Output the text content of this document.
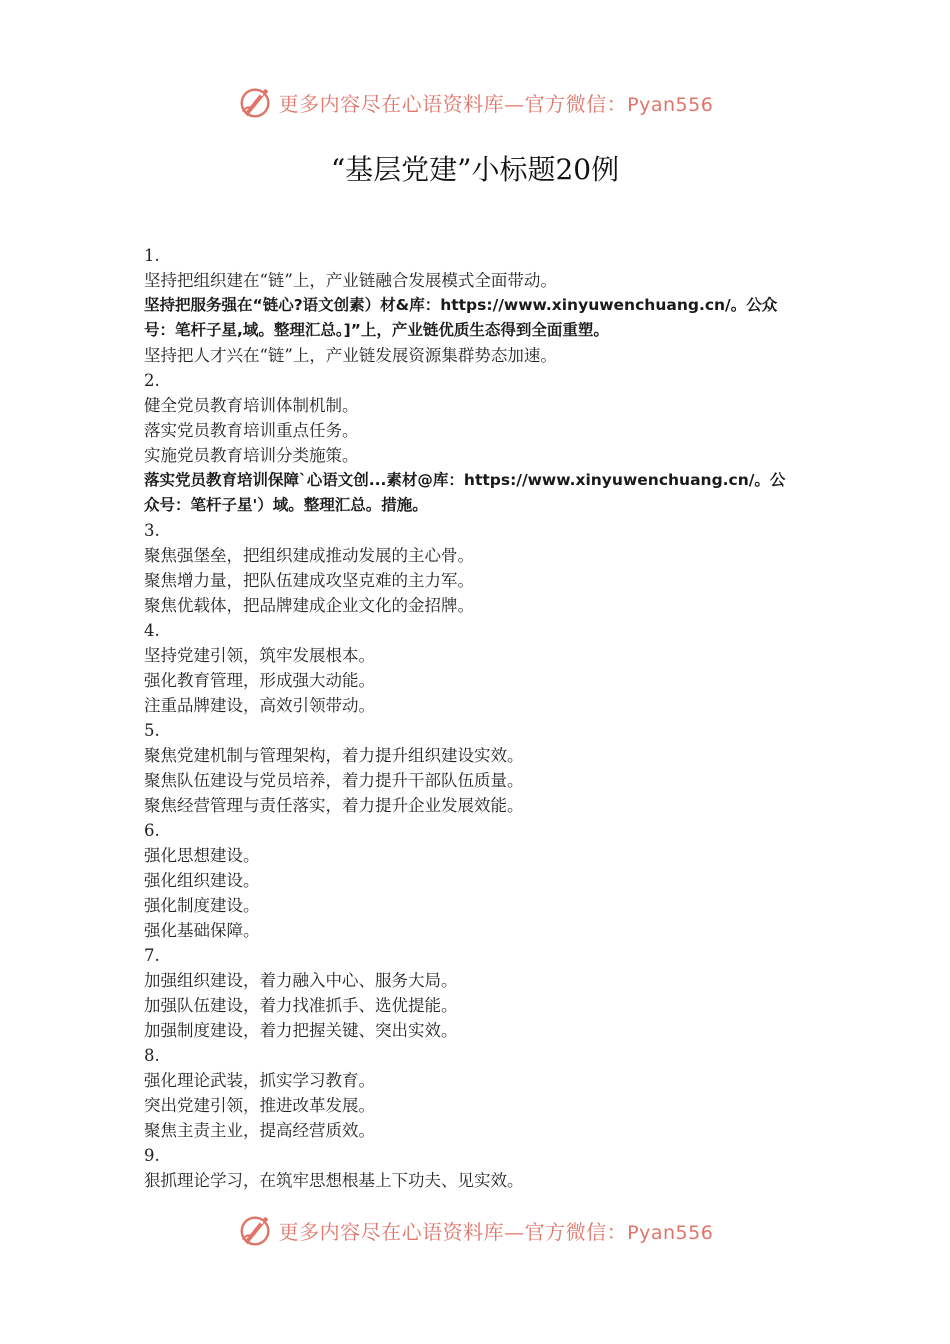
更多内容尽在心语资料库—官方微信：Pyan556
“基层党建”小标题20例
1.
坚持把组织建在“链”上，产业链融合发展模式全面带动。
坚持把服务强在“链心?语文创素）材&库：https://www.xinyuwenchuang.cn/。公众
号：笔杆子星,域。整理汇总。]”上，产业链优质生态得到全面重塑。
坚持把人才兴在“链”上，产业链发展资源集群势态加速。
2.
健全党员教育培训体制机制。
落实党员教育培训重点任务。
实施党员教育培训分类施策。
落实党员教育培训保障`心语文创...素材@库：https://www.xinyuwenchuang.cn/。公
众号：笔杆子星'）域。整理汇总。措施。
3.
聚焦强堡垒，把组织建成推动发展的主心骨。
聚焦增力量，把队伍建成攻坚克难的主力军。
聚焦优载体，把品牌建成企业文化的金招牌。
4.
坚持党建引领，筑牢发展根本。
强化教育管理，形成强大动能。
注重品牌建设，高效引领带动。
5.
聚焦党建机制与管理架构，着力提升组织建设实效。
聚焦队伍建设与党员培养，着力提升干部队伍质量。
聚焦经营管理与责任落实，着力提升企业发展效能。
6.
强化思想建设。
强化组织建设。
强化制度建设。
强化基础保障。
7.
加强组织建设，着力融入中心、服务大局。
加强队伍建设，着力找准抓手、选优提能。
加强制度建设，着力把握关键、突出实效。
8.
强化理论武装，抓实学习教育。
突出党建引领，推进改革发展。
聚焦主责主业，提高经营质效。
9.
狠抓理论学习，在筑牢思想根基上下功夫、见实效。
更多内容尽在心语资料库—官方微信：Pyan556
